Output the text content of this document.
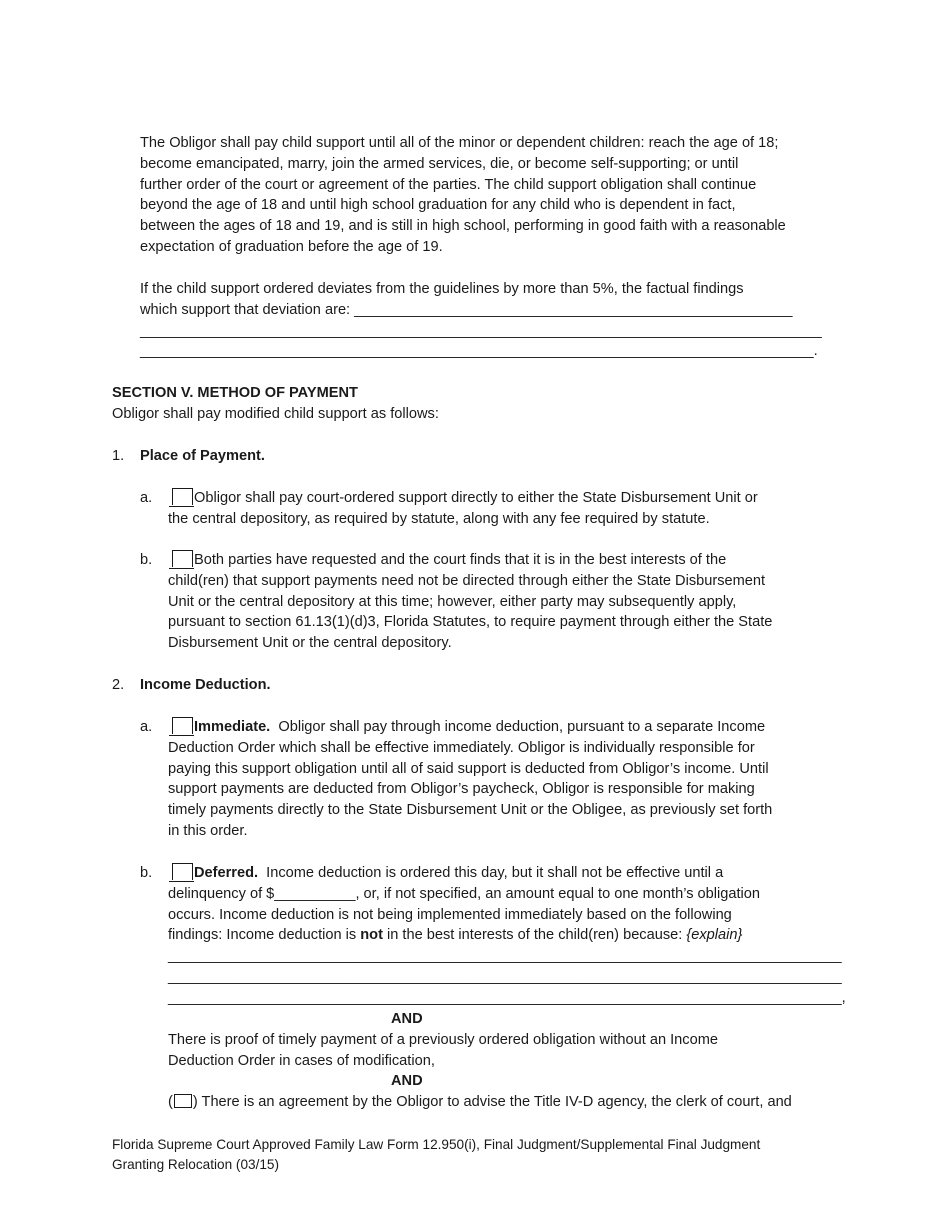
The Obligor shall pay child support until all of the minor or dependent children: reach the age of 18;
become emancipated, marry, join the armed services, die, or become self-supporting; or until
further order of the court or agreement of the parties. The child support obligation shall continue
beyond the age of 18 and until high school graduation for any child who is dependent in fact,
between the ages of 18 and 19, and is still in high school, performing in good faith with a reasonable
expectation of graduation before the age of 19.
If the child support ordered deviates from the guidelines by more than 5%, the factual findings
which support that deviation are: ______________________________________________________
____________________________________________________________________________________
___________________________________________________________________________________.
SECTION V. METHOD OF PAYMENT
Obligor shall pay modified child support as follows:
1. Place of Payment.
a.	Obligor shall pay court-ordered support directly to either the State Disbursement Unit or
the central depository, as required by statute, along with any fee required by statute.
b.	Both parties have requested and the court finds that it is in the best interests of the
child(ren) that support payments need not be directed through either the State Disbursement
Unit or the central depository at this time; however, either party may subsequently apply,
pursuant to section 61.13(1)(d)3, Florida Statutes, to require payment through either the State
Disbursement Unit or the central depository.
2. Income Deduction.
a.	Immediate.  Obligor shall pay through income deduction, pursuant to a separate Income
Deduction Order which shall be effective immediately. Obligor is individually responsible for
paying this support obligation until all of said support is deducted from Obligor’s income. Until
support payments are deducted from Obligor’s paycheck, Obligor is responsible for making
timely payments directly to the State Disbursement Unit or the Obligee, as previously set forth
in this order.
b.	Deferred.  Income deduction is ordered this day, but it shall not be effective until a
delinquency of $__________, or, if not specified, an amount equal to one month’s obligation
occurs. Income deduction is not being implemented immediately based on the following
findings: Income deduction is not in the best interests of the child(ren) because: {explain}
___________________________________________________________________________________
___________________________________________________________________________________
___________________________________________________________________________________,
AND
There is proof of timely payment of a previously ordered obligation without an Income
Deduction Order in cases of modification,
AND
( ) There is an agreement by the Obligor to advise the Title IV-D agency, the clerk of court, and
Florida Supreme Court Approved Family Law Form 12.950(i), Final Judgment/Supplemental Final Judgment
Granting Relocation (03/15)
